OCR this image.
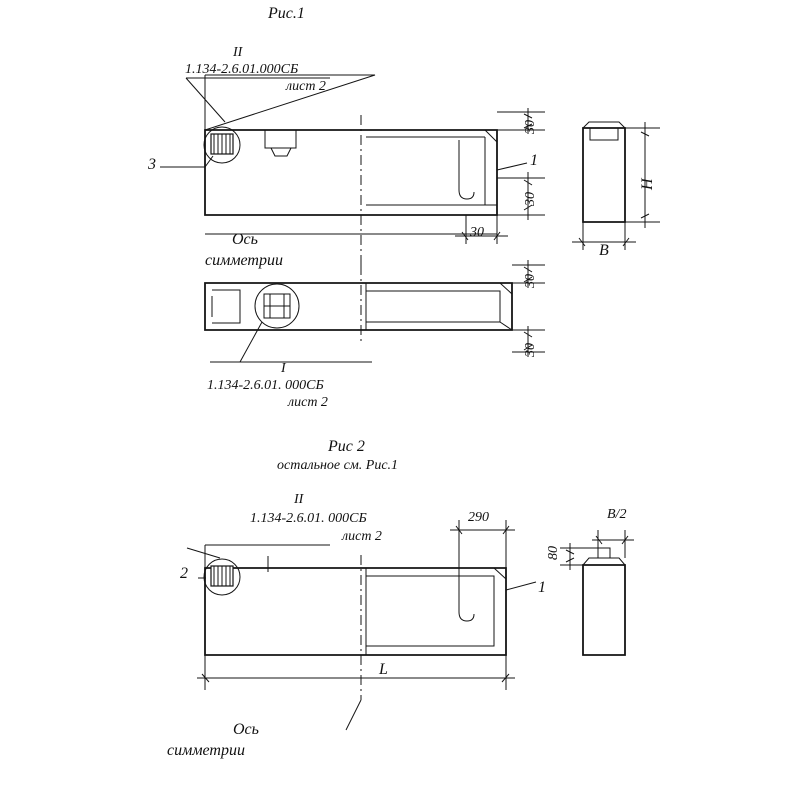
Рис.1
II
1.134-2.6.01.000СБ
лист 2
3	1
30
30
30
30
30
H
B
Ось
симметрии
I
1.134-2.6.01. 000СБ
лист 2
Рис 2
остальное см. Рис.1
II
1.134-2.6.01. 000СБ
лист 2
290	B/2
80
2
1
L
Ось
симметрии
